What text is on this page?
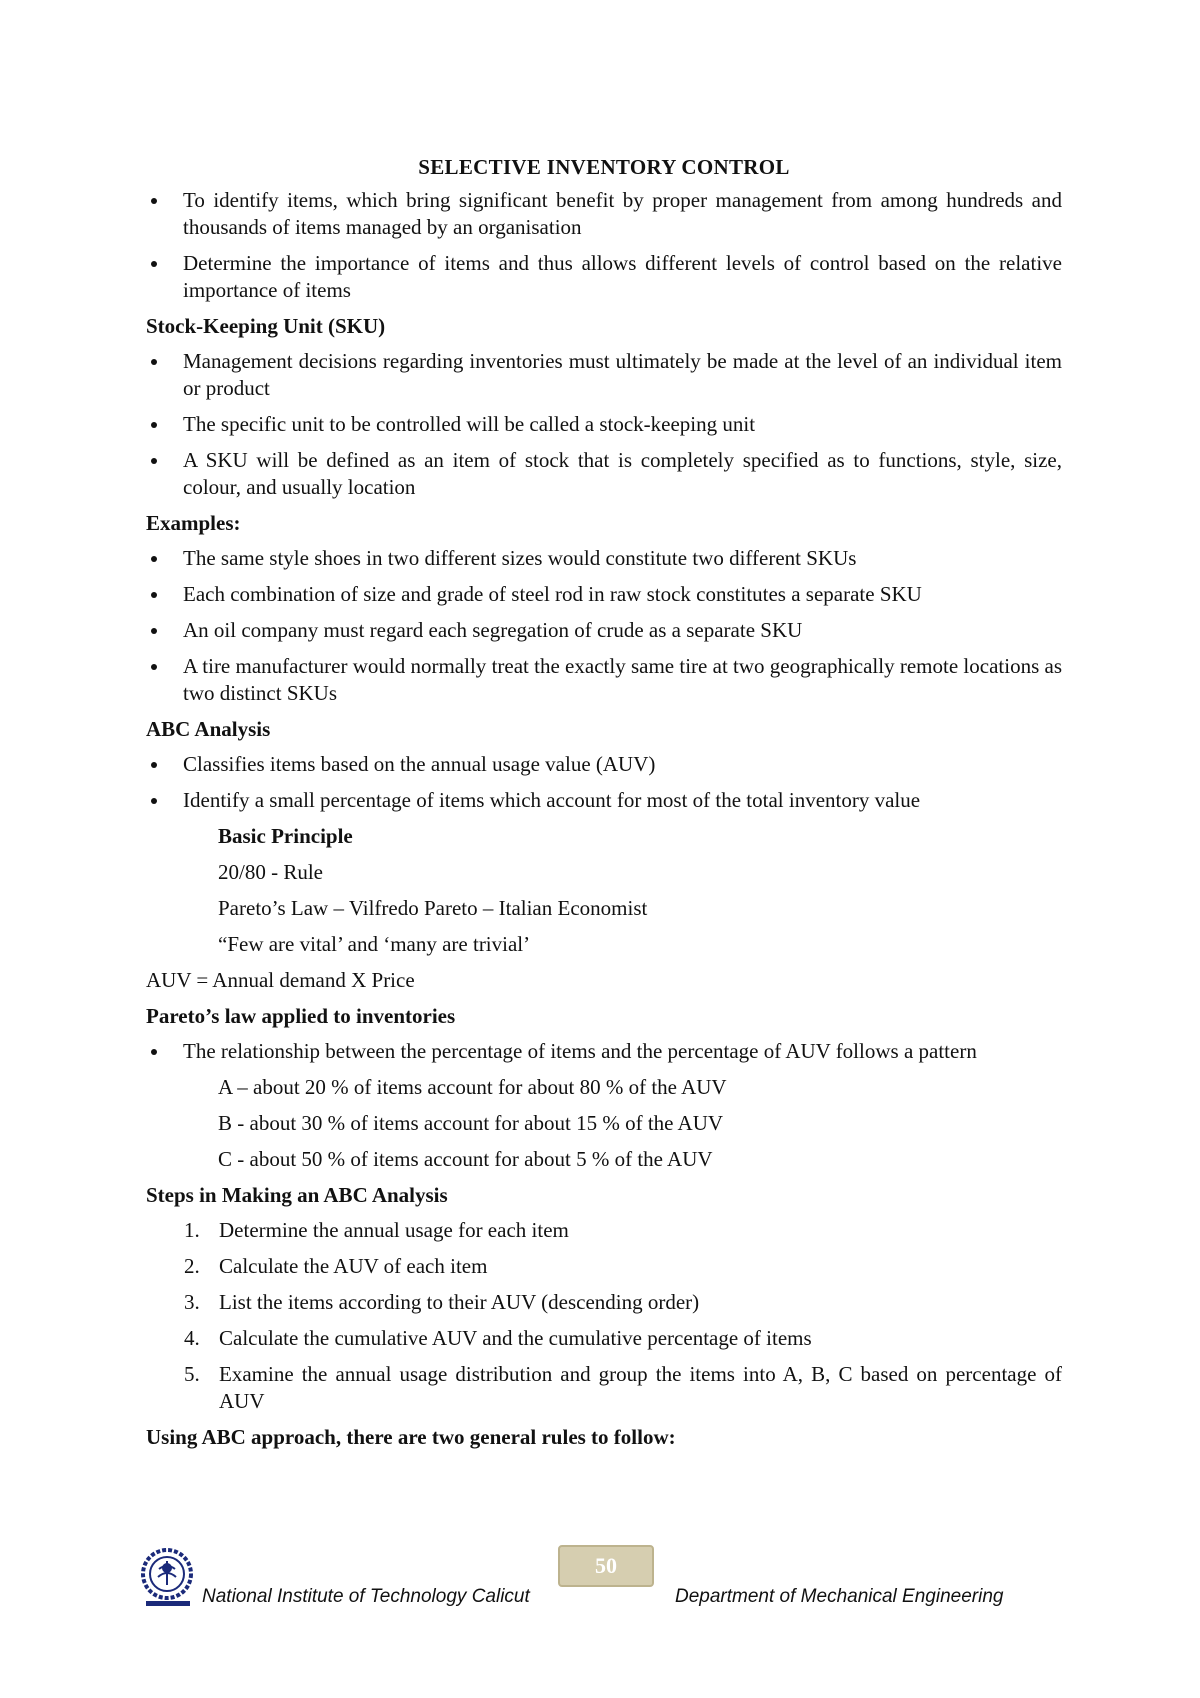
SELECTIVE INVENTORY CONTROL
To identify items, which bring significant benefit by proper management from among hundreds and thousands of items managed by an organisation
Determine the importance of items and thus allows different levels of control based on the relative importance of items
Stock-Keeping Unit (SKU)
Management decisions regarding inventories must ultimately be made at the level of an individual item or product
The specific unit to be controlled will be called a stock-keeping unit
A SKU will be defined as an item of stock that is completely specified as to functions, style, size, colour, and usually location
Examples:
The same style shoes in two different sizes would constitute two different SKUs
Each combination of size and grade of steel rod in raw stock constitutes a separate SKU
An oil company must regard each segregation of crude as a separate SKU
A tire manufacturer would normally treat the exactly same tire at two geographically remote locations as two distinct SKUs
ABC Analysis
Classifies items based on the annual usage value (AUV)
Identify a small percentage of items which account for most of the total inventory value
Basic Principle
20/80 - Rule
Pareto’s Law – Vilfredo Pareto – Italian Economist
“Few are vital’ and ‘many are trivial’
AUV = Annual demand X Price
Pareto’s law applied to inventories
The relationship between the percentage of items and the percentage of AUV follows a pattern
A – about 20 % of items account for about 80 % of the AUV
B - about 30 % of items account for about 15 % of the AUV
C - about 50 % of items account for about 5 % of the AUV
Steps in Making an ABC Analysis
1. Determine the annual usage for each item
2. Calculate the AUV of each item
3. List the items according to their AUV (descending order)
4. Calculate the cumulative AUV and the cumulative percentage of items
5. Examine the annual usage distribution and group the items into A, B, C based on percentage of AUV
Using ABC approach, there are two general rules to follow:
50
National Institute of Technology Calicut	Department of Mechanical Engineering
